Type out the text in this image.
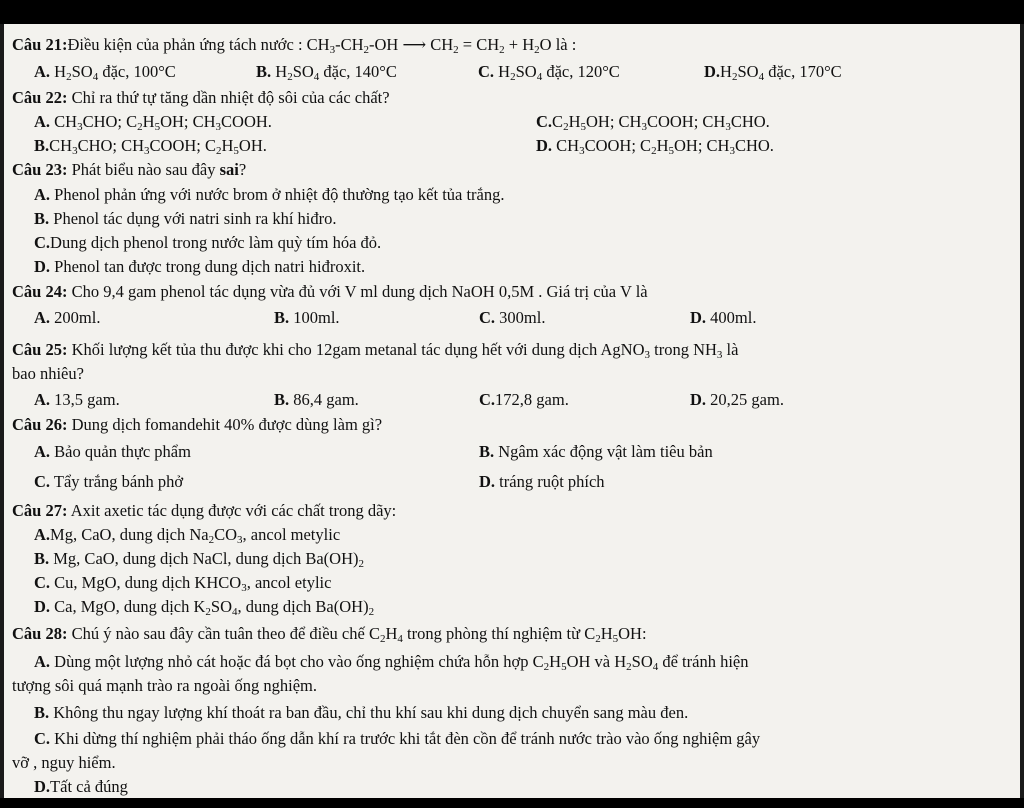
Câu 21:Điều kiện của phản ứng tách nước : $CH_3-CH_2-OH$ ⟶ $CH_2 = CH_2 + H_2O$ là :
A. $H_2SO_4$ đặc, 100°C	B. $H_2SO_4$ đặc, 140°C	C. $H_2SO_4$ đặc, 120°C	$D.H_2SO_4$ đặc, 170°C
Câu 22: Chỉ ra thứ tự tăng dần nhiệt độ sôi của các chất?
A. $CH_3CHO$; $C_2H_5OH$; $CH_3COOH$.	$C.C_2H_5OH$; $CH_3COOH$; $CH_3CHO$.
$B.CH_3CHO$; $CH_3COOH$; $C_2H_5OH$.	D. $CH_3COOH$; $C_2H_5OH$; $CH_3CHO$.
Câu 23: Phát biểu nào sau đây sai?
A. Phenol phản ứng với nước brom ở nhiệt độ thường tạo kết tủa trắng.
B. Phenol tác dụng với natri sinh ra khí hiđro.
C.Dung dịch phenol trong nước làm quỳ tím hóa đỏ.
D. Phenol tan được trong dung dịch natri hiđroxit.
Câu 24: Cho 9,4 gam phenol tác dụng vừa đủ với V ml dung dịch NaOH 0,5M . Giá trị của V là
A. 200ml.	B. 100ml.	C. 300ml.	D. 400ml.
Câu 25: Khối lượng kết tủa thu được khi cho 12gam metanal tác dụng hết với dung dịch AgNO$_3$ trong $NH_3$ là
bao nhiêu?
A. 13,5 gam.	B. 86,4 gam.	C.172,8 gam.	D. 20,25 gam.
Câu 26: Dung dịch fomandehit 40% được dùng làm gì?
A. Bảo quản thực phẩm	B. Ngâm xác động vật làm tiêu bản
C. Tẩy trắng bánh phở	D. tráng ruột phích
Câu 27: Axit axetic tác dụng được với các chất trong dãy:
A.Mg, CaO, dung dịch $Na_2CO_3$, ancol metylic
B. Mg, CaO, dung dịch NaCl, dung dịch $Ba(OH)_2$
C. Cu, MgO, dung dịch $KHCO_3$, ancol etylic
D. Ca, MgO, dung dịch $K_2SO_4$, dung dịch $Ba(OH)_2$
Câu 28: Chú ý nào sau đây cần tuân theo để điều chế $C_2H_4$ trong phòng thí nghiệm từ $C_2H_5OH$:
A. Dùng một lượng nhỏ cát hoặc đá bọt cho vào ống nghiệm chứa hỗn hợp $C_2H_5OH$ và $H_2SO_4$ để tránh hiện
tượng sôi quá mạnh trào ra ngoài ống nghiệm.
B. Không thu ngay lượng khí thoát ra ban đầu, chỉ thu khí sau khi dung dịch chuyển sang màu đen.
C. Khi dừng thí nghiệm phải tháo ống dẫn khí ra trước khi tắt đèn cồn để tránh nước trào vào ống nghiệm gây
vỡ , nguy hiểm.
D.Tất cả đúng
